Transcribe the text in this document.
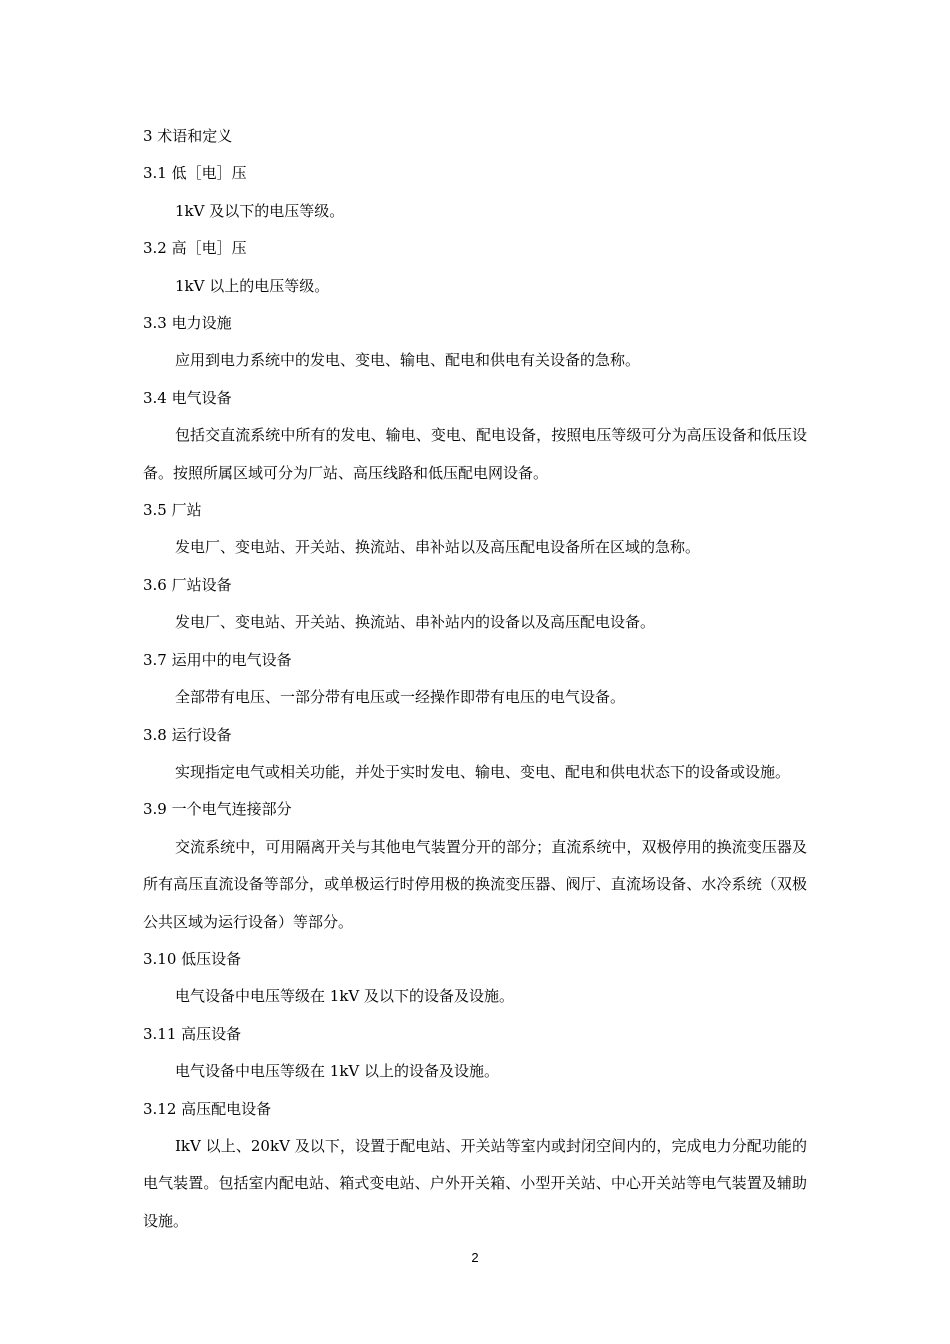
3 术语和定义

3.1 低［电］压

1kV 及以下的电压等级。

3.2 高［电］压

1kV 以上的电压等级。

3.3 电力设施

应用到电力系统中的发电、变电、输电、配电和供电有关设备的急称。

3.4 电气设备

包括交直流系统中所有的发电、输电、变电、配电设备，按照电压等级可分为高压设备和低压设备。按照所属区域可分为厂站、高压线路和低压配电网设备。

3.5 厂站

发电厂、变电站、开关站、换流站、串补站以及高压配电设备所在区域的急称。

3.6 厂站设备

发电厂、变电站、开关站、换流站、串补站内的设备以及高压配电设备。

3.7 运用中的电气设备

全部带有电压、一部分带有电压或一经操作即带有电压的电气设备。

3.8 运行设备

实现指定电气或相关功能，并处于实时发电、输电、变电、配电和供电状态下的设备或设施。

3.9 一个电气连接部分

交流系统中，可用隔离开关与其他电气装置分开的部分；直流系统中，双极停用的换流变压器及所有高压直流设备等部分，或单极运行时停用极的换流变压器、阀厅、直流场设备、水冷系统（双极公共区域为运行设备）等部分。

3.10 低压设备

电气设备中电压等级在 1kV 及以下的设备及设施。

3.11 高压设备

电气设备中电压等级在 1kV 以上的设备及设施。

3.12 高压配电设备

IkV 以上、20kV 及以下，设置于配电站、开关站等室内或封闭空间内的，完成电力分配功能的电气装置。包括室内配电站、箱式变电站、户外开关箱、小型开关站、中心开关站等电气装置及辅助设施。

2
